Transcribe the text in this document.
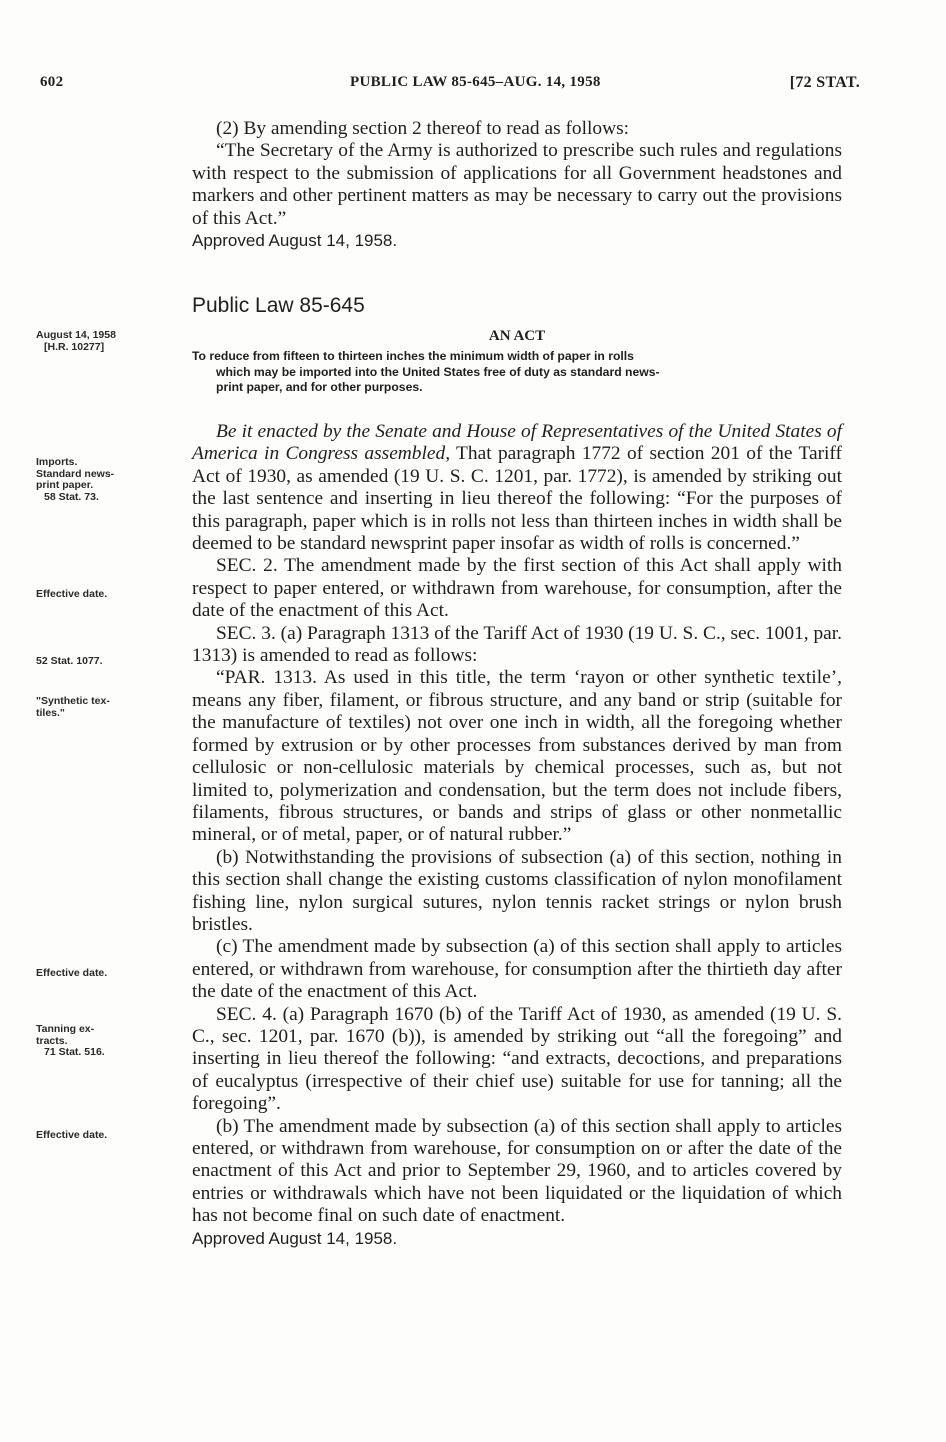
602	PUBLIC LAW 85-645–AUG. 14, 1958	[72 STAT.

(2) By amending section 2 thereof to read as follows:

“The Secretary of the Army is authorized to prescribe such rules and regulations with respect to the submission of applications for all Government headstones and markers and other pertinent matters as may be necessary to carry out the provisions of this Act.”

Approved August 14, 1958.

Public Law 85-645
AN ACT
To reduce from fifteen to thirteen inches the minimum width of paper in rolls
which may be imported into the United States free of duty as standard news-
print paper, and for other purposes.
August 14, 1958
[H.R. 10277]
Imports.
Standard news-
print paper.
58 Stat. 73.
Effective date.
52 Stat. 1077.
"Synthetic tex-
tiles."
Effective date.
Tanning ex-
tracts.
71 Stat. 516.
Effective date.

Be it enacted by the Senate and House of Representatives of the United States of America in Congress assembled, That paragraph 1772 of section 201 of the Tariff Act of 1930, as amended (19 U. S. C. 1201, par. 1772), is amended by striking out the last sentence and inserting in lieu thereof the following: “For the purposes of this paragraph, paper which is in rolls not less than thirteen inches in width shall be deemed to be standard newsprint paper insofar as width of rolls is concerned.”

SEC. 2. The amendment made by the first section of this Act shall apply with respect to paper entered, or withdrawn from warehouse, for consumption, after the date of the enactment of this Act.

SEC. 3. (a) Paragraph 1313 of the Tariff Act of 1930 (19 U. S. C., sec. 1001, par. 1313) is amended to read as follows:

“PAR. 1313. As used in this title, the term ‘rayon or other synthetic textile’, means any fiber, filament, or fibrous structure, and any band or strip (suitable for the manufacture of textiles) not over one inch in width, all the foregoing whether formed by extrusion or by other processes from substances derived by man from cellulosic or non-cellulosic materials by chemical processes, such as, but not limited to, polymerization and condensation, but the term does not include fibers, filaments, fibrous structures, or bands and strips of glass or other nonmetallic mineral, or of metal, paper, or of natural rubber.”

(b) Notwithstanding the provisions of subsection (a) of this section, nothing in this section shall change the existing customs classification of nylon monofilament fishing line, nylon surgical sutures, nylon tennis racket strings or nylon brush bristles.

(c) The amendment made by subsection (a) of this section shall apply to articles entered, or withdrawn from warehouse, for consumption after the thirtieth day after the date of the enactment of this Act.

SEC. 4. (a) Paragraph 1670 (b) of the Tariff Act of 1930, as amended (19 U. S. C., sec. 1201, par. 1670 (b)), is amended by striking out “all the foregoing” and inserting in lieu thereof the following: “and extracts, decoctions, and preparations of eucalyptus (irrespective of their chief use) suitable for use for tanning; all the foregoing”.

(b) The amendment made by subsection (a) of this section shall apply to articles entered, or withdrawn from warehouse, for consumption on or after the date of the enactment of this Act and prior to September 29, 1960, and to articles covered by entries or withdrawals which have not been liquidated or the liquidation of which has not become final on such date of enactment.

Approved August 14, 1958.
